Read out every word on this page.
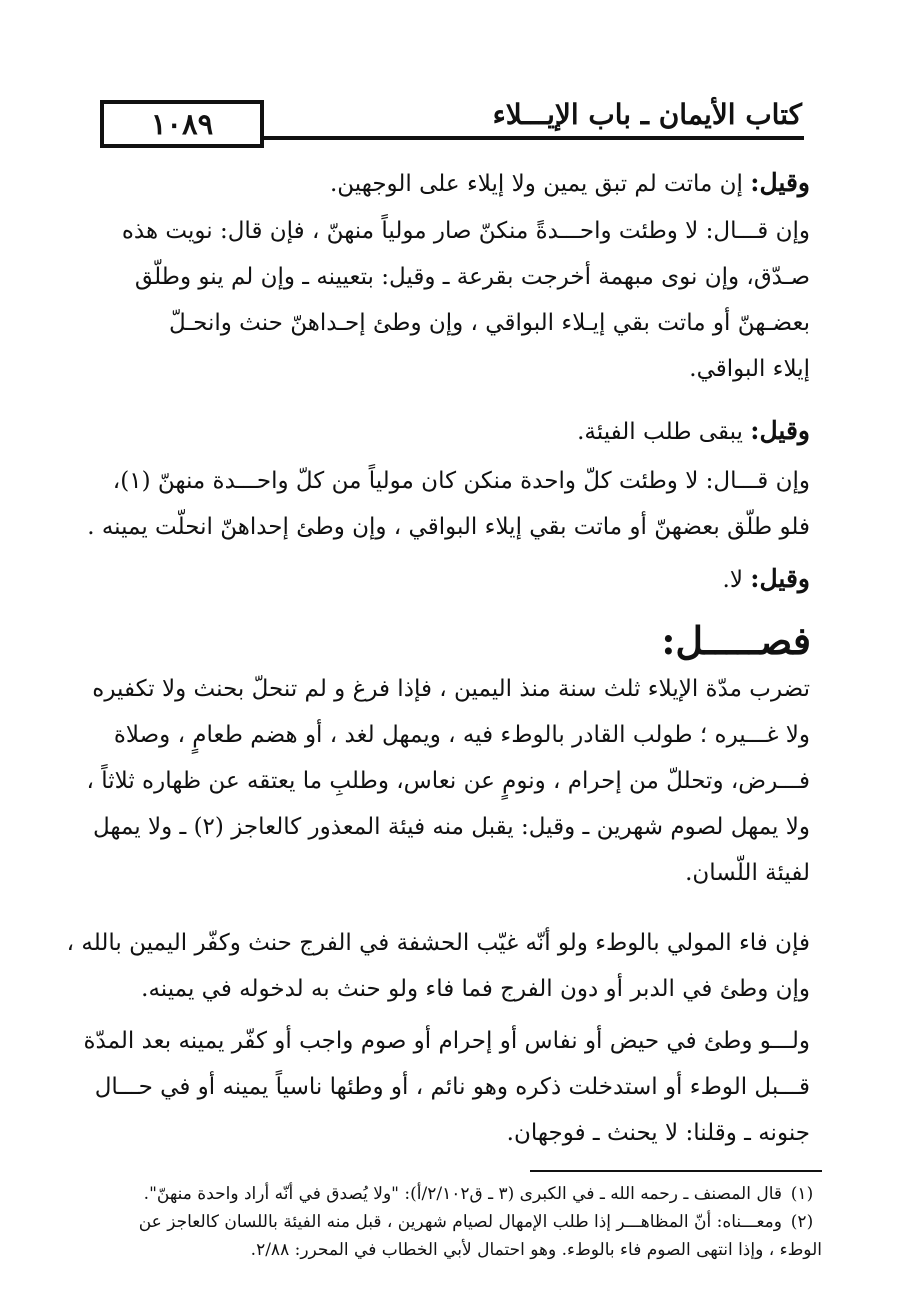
١٠٨٩	كتاب الأيمان ـ باب الإيـــلاء
وقيل: إن ماتت لم تبق يمين ولا إيلاء على الوجهين.
وإن قـــال: لا وطئت واحـــدةً منكنّ صار مولياً منهنّ ، فإن قال: نويت هذه
صـدّق، وإن نوى مبهمة أخرجت بقرعة ـ وقيل: بتعيينه ـ وإن لم ينو وطلّق
بعضـهنّ أو ماتت بقي إيـلاء البواقي ، وإن وطئ إحـداهنّ حنث وانحـلّ
إيلاء البواقي.
وقيل: يبقى طلب الفيئة.
وإن قـــال: لا وطئت كلّ واحدة منكن كان مولياً من كلّ واحـــدة منهنّ (١)،
فلو طلّق بعضهنّ أو ماتت بقي إيلاء البواقي ، وإن وطئ إحداهنّ انحلّت يمينه .
وقيل: لا.
فصـــــل:
تضرب مدّة الإيلاء ثلث سنة منذ اليمين ، فإذا فرغ و لم تنحلّ بحنث ولا تكفيره
ولا غـــيره ؛ طولب القادر بالوطء فيه ، ويمهل لغد ، أو هضم طعامٍ ، وصلاة
فـــرض، وتحللّ من إحرام ، ونومٍ عن نعاس، وطلبِ ما يعتقه عن ظهاره ثلاثاً ،
ولا يمهل لصوم شهرين ـ وقيل: يقبل منه فيئة المعذور كالعاجز (٢) ـ ولا يمهل
لفيئة اللّسان.
فإن فاء المولي بالوطء ولو أنّه غيّب الحشفة في الفرج حنث وكفّر اليمين بالله ،
وإن وطئ في الدبر أو دون الفرج فما فاء ولو حنث به لدخوله في يمينه.
ولـــو وطئ في حيض أو نفاس أو إحرام أو صوم واجب أو كفّر يمينه بعد المدّة
قـــبل الوطء أو استدخلت ذكره وهو نائم ، أو وطئها ناسياً يمينه أو في حـــال
جنونه ـ وقلنا: لا يحنث ـ فوجهان.
(١)
قال المصنف ـ رحمه الله ـ في الكبرى (٣ ـ ق٢/١٠٢/أ): "ولا يُصدق في أنّه أراد واحدة منهنّ".
(٢)
ومعـــناه: أنّ المظاهـــر إذا طلب الإمهال لصيام شهرين ، قبل منه الفيئة باللسان كالعاجز عن
الوطء ، وإذا انتهى الصوم فاء بالوطء. وهو احتمال لأبي الخطاب في المحرر: ٢/٨٨.
